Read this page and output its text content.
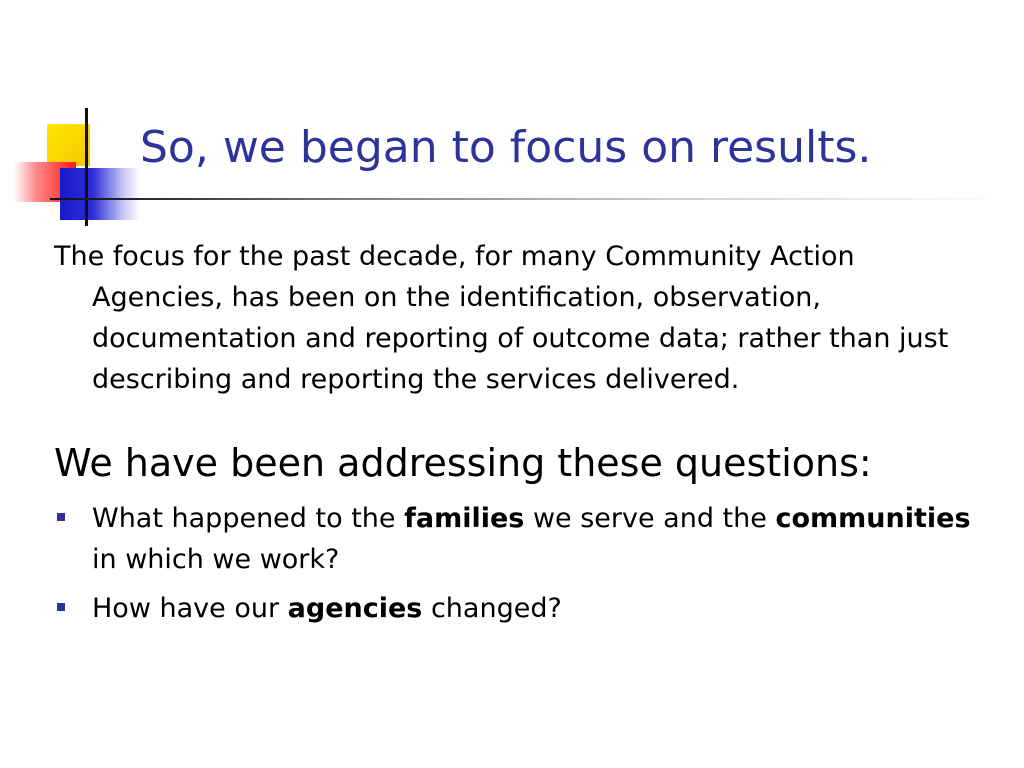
So, we began to focus on results.

The focus for the past decade, for many Community Action Agencies, has been on the identification, observation, documentation and reporting of outcome data; rather than just describing and reporting the services delivered.

We have been addressing these questions:
What happened to the families we serve and the communities in which we work?
How have our agencies changed?
